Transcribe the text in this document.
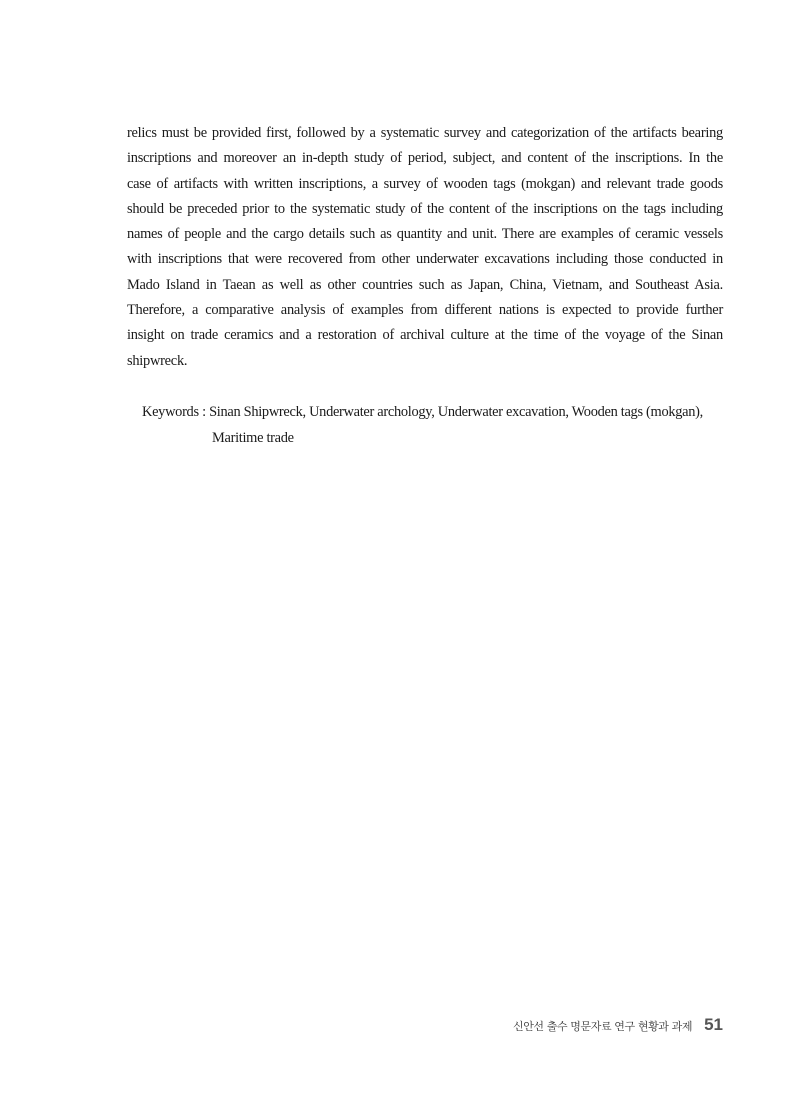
relics must be provided first, followed by a systematic survey and categorization of the artifacts bearing
inscriptions and moreover an in-depth study of period, subject, and content of the inscriptions. In the
case of artifacts with written inscriptions, a survey of wooden tags (mokgan) and relevant trade goods
should be preceded prior to the systematic study of the content of the inscriptions on the tags including
names of people and the cargo details such as quantity and unit. There are examples of ceramic vessels
with inscriptions that were recovered from other underwater excavations including those conducted in
Mado Island in Taean as well as other countries such as Japan, China, Vietnam, and Southeast Asia.
Therefore, a comparative analysis of examples from different nations is expected to provide further
insight on trade ceramics and a restoration of archival culture at the time of the voyage of the Sinan
shipwreck.
Keywords : Sinan Shipwreck, Underwater archology, Underwater excavation, Wooden tags (mokgan),
Maritime trade
신안선 출수 명문자료 연구 현황과 과제 51
